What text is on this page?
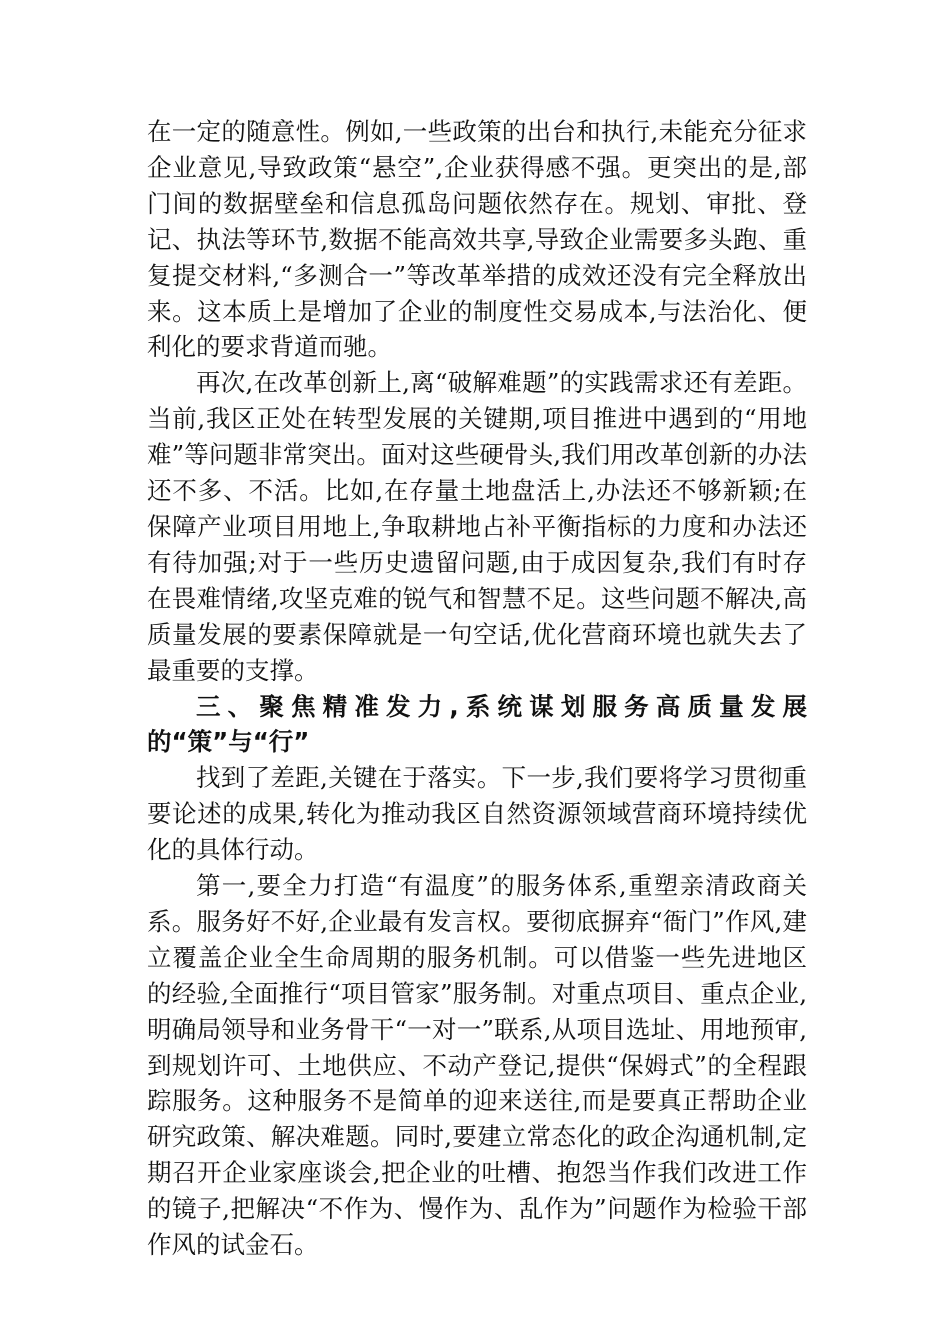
在一定的随意性。例如,一些政策的出台和执行,未能充分征求企业意见,导致政策“悬空”,企业获得感不强。更突出的是,部门间的数据壁垒和信息孤岛问题依然存在。规划、审批、登记、执法等环节,数据不能高效共享,导致企业需要多头跑、重复提交材料,“多测合一”等改革举措的成效还没有完全释放出来。这本质上是增加了企业的制度性交易成本,与法治化、便利化的要求背道而驰。

再次,在改革创新上,离“破解难题”的实践需求还有差距。当前,我区正处在转型发展的关键期,项目推进中遇到的“用地难”等问题非常突出。面对这些硬骨头,我们用改革创新的办法还不多、不活。比如,在存量土地盘活上,办法还不够新颖;在保障产业项目用地上,争取耕地占补平衡指标的力度和办法还有待加强;对于一些历史遗留问题,由于成因复杂,我们有时存在畏难情绪,攻坚克难的锐气和智慧不足。这些问题不解决,高质量发展的要素保障就是一句空话,优化营商环境也就失去了最重要的支撑。

三、聚焦精准发力,系统谋划服务高质量发展的“策”与“行”

找到了差距,关键在于落实。下一步,我们要将学习贯彻重要论述的成果,转化为推动我区自然资源领域营商环境持续优化的具体行动。

第一,要全力打造“有温度”的服务体系,重塑亲清政商关系。服务好不好,企业最有发言权。要彻底摒弃“衙门”作风,建立覆盖企业全生命周期的服务机制。可以借鉴一些先进地区的经验,全面推行“项目管家”服务制。对重点项目、重点企业,明确局领导和业务骨干“一对一”联系,从项目选址、用地预审,到规划许可、土地供应、不动产登记,提供“保姆式”的全程跟踪服务。这种服务不是简单的迎来送往,而是要真正帮助企业研究政策、解决难题。同时,要建立常态化的政企沟通机制,定期召开企业家座谈会,把企业的吐槽、抱怨当作我们改进工作的镜子,把解决“不作为、慢作为、乱作为”问题作为检验干部作风的试金石。
